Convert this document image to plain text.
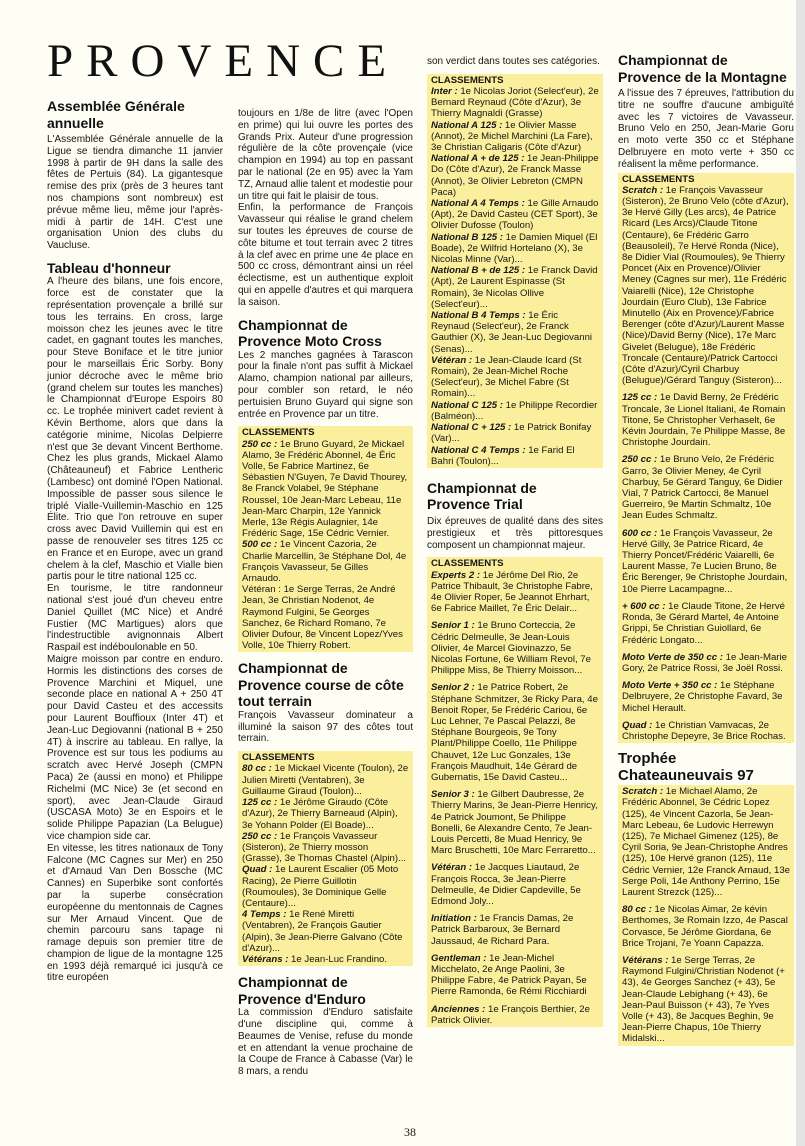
PROVENCE
Assemblée Générale annuelle
L'Assemblée Générale annuelle de la Ligue se tiendra dimanche 11 janvier 1998 à partir de 9H dans la salle des fêtes de Pertuis (84). La gigantesque remise des prix (près de 3 heures tant nos champions sont nombreux) est prévue même lieu, même jour l'après-midi à partir de 14H. C'est une organisation Union des clubs du Vaucluse.
Tableau d'honneur

A l'heure des bilans, une fois encore, force est de constater que la représentation provençale a brillé sur tous les terrains. En cross, large moisson chez les jeunes avec le titre cadet, en gagnant toutes les manches, pour Steve Boniface et le titre junior pour le marseillais Éric Sorby. Bony junior décroche avec le même brio (grand chelem sur toutes les manches) le Championnat d'Europe Espoirs 80 cc. Le trophée minivert cadet revient à Kévin Berthome, alors que dans la catégorie minime, Nicolas Delpierre n'est que 3e devant Vincent Berthome. Chez les plus grands, Mickael Alamo (Châteauneuf) et Fabrice Lentheric (Lambesc) ont dominé l'Open National. Impossible de passer sous silence le triplé Vialle-Vuillemin-Maschio en 125 Élite. Trio que l'on retrouve en super cross avec David Vuillemin qui est en passe de renouveler ses titres 125 cc en France et en Europe, avec un grand chelem à la clef, Maschio et Vialle bien partis pour le titre national 125 cc.

En tourisme, le titre randonneur national s'est joué d'un cheveu entre Daniel Quillet (MC Nice) et André Fustier (MC Martigues) alors que l'indestructible avignonnais Albert Raspail est indéboulonable en 50.

Maigre moisson par contre en enduro. Hormis les distinctions des corses de Provence Marchini et Miquel, une seconde place en national A + 250 4T pour David Casteu et des accessits pour Laurent Bouffioux (Inter 4T) et Jean-Luc Degiovanni (national B + 250 4T) à inscrire au tableau. En rallye, la Provence est sur tous les podiums au scratch avec Hervé Joseph (CMPN Paca) 2e (aussi en mono) et Philippe Richelmi (MC Nice) 3e (et second en sport), avec Jean-Claude Giraud (USCASA Moto) 3e en Espoirs et le solide Philippe Papazian (La Belugue) vice champion side car.

En vitesse, les titres nationaux de Tony Falcone (MC Cagnes sur Mer) en 250 et d'Arnaud Van Den Bossche (MC Cannes) en Superbike sont confortés par la superbe consécration européenne du mentonnais de Cagnes sur Mer Arnaud Vincent. Que de chemin parcouru sans tapage ni ramage depuis son premier titre de champion de ligue de la montagne 125 en 1993 déjà remarqué ici jusqu'à ce titre européen

toujours en 1/8e de litre (avec l'Open en prime) qui lui ouvre les portes des Grands Prix. Auteur d'une progression régulière de la côte provençale (vice champion en 1994) au top en passant par le national (2e en 95) avec la Yam TZ, Arnaud allie talent et modestie pour un titre qui fait le plaisir de tous.

Enfin, la performance de François Vavasseur qui réalise le grand chelem sur toutes les épreuves de course de côte bitume et tout terrain avec 2 titres à la clef avec en prime une 4e place en 500 cc cross, démontrant ainsi un réel éclectisme, est un authentique exploit qui en appelle d'autres et qui marquera la saison.

Championnat de Provence Moto Cross
Les 2 manches gagnées à Tarascon pour la finale n'ont pas suffit à Mickael Alamo, champion national par ailleurs, pour combler son retard, le néo pertuisien Bruno Guyard qui signe son entrée en Provence par un titre.

CLASSEMENTS

250 cc : 1e Bruno Guyard, 2e Mickael Alamo, 3e Frédéric Abonnel, 4e Éric Volle, 5e Fabrice Martinez, 6e Sébastien N'Guyen, 7e David Thourey, 8e Franck Volabel, 9e Stéphane Roussel, 10e Jean-Marc Lebeau, 11e Jean-Marc Charpin, 12e Yannick Merle, 13e Régis Aulagnier, 14e Frédéric Sage, 15e Cédric Vernier.

500 cc : 1e Vincent Cazoria, 2e Charlie Marcellin, 3e Stéphane Dol, 4e François Vavasseur, 5e Gilles Arnaudo.

Vétéran : 1e Serge Terras, 2e André Jean, 3e Christian Nodenot, 4e Raymond Fulgini, 5e Georges Sanchez, 6e Richard Romano, 7e Olivier Dufour, 8e Vincent Lopez/Yves Volle, 10e Thierry Robert.

Championnat de Provence course de côte tout terrain
François Vavasseur dominateur a illuminé la saison 97 des côtes tout terrain.

CLASSEMENTS

80 cc : 1e Mickael Vicente (Toulon), 2e Julien Miretti (Ventabren), 3e Guillaume Giraud (Toulon)...

125 cc : 1e Jérôme Giraudo (Côte d'Azur), 2e Thierry Barneaud (Alpin), 3e Yohann Polder (El Boade)...

250 cc : 1e François Vavasseur (Sisteron), 2e Thierry mosson (Grasse), 3e Thomas Chastel (Alpin)...

Quad : 1e Laurent Escalier (05 Moto Racing), 2e Pierre Guillotin (Roumoules), 3e Dominique Gelle (Centaure)...

4 Temps : 1e René Miretti (Ventabren), 2e François Gautier (Alpin), 3e Jean-Pierre Galvano (Côte d'Azur)...

Vétérans : 1e Jean-Luc Frandino.

Championnat de Provence d'Enduro
La commission d'Enduro satisfaite d'une discipline qui, comme à Beaumes de Venise, refuse du monde et en attendant la venue prochaine de la Coupe de France à Cabasse (Var) le 8 mars, a rendu
son verdict dans toutes ses catégories.

CLASSEMENTS

Inter : 1e Nicolas Joriot (Select'eur), 2e Bernard Reynaud (Côte d'Azur), 3e Thierry Magnaldi (Grasse)

National A 125 : 1e Olivier Masse (Annot), 2e Michel Marchini (La Fare), 3e Christian Caligaris (Côte d'Azur)

National A + de 125 : 1e Jean-Philippe Do (Côte d'Azur), 2e Franck Masse (Annot), 3e Olivier Lebreton (CMPN Paca)

National A 4 Temps : 1e Gille Arnaudo (Apt), 2e David Casteu (CET Sport), 3e Olivier Dufosse (Toulon)

National B 125 : 1e Damien Miquel (El Boade), 2e Wilfrid Hortelano (X), 3e Nicolas Minne (Var)...

National B + de 125 : 1e Franck David (Apt), 2e Laurent Espinasse (St Romain), 3e Nicolas Ollive (Select'eur)...

National B 4 Temps : 1e Éric Reynaud (Select'eur), 2e Franck Gauthier (X), 3e Jean-Luc Degiovanni (Senas)...

Vétéran : 1e Jean-Claude Icard (St Romain), 2e Jean-Michel Roche (Select'eur), 3e Michel Fabre (St Romain)...

National C 125 : 1e Philippe Recordier (Balméon)...

National C + 125 : 1e Patrick Bonifay (Var)...

National C 4 Temps : 1e Farid El Bahri (Toulon)...

Championnat de Provence Trial
Dix épreuves de qualité dans des sites prestigieux et très pittoresques composent un championnat majeur.

CLASSEMENTS

Experts 2 : 1e Jérôme Del Rio, 2e Patrice Thibault, 3e Christophe Fabre, 4e Olivier Roper, 5e Jeannot Ehrhart, 6e Fabrice Maillet, 7e Éric Delair...

Senior 1 : 1e Bruno Corteccia, 2e Cédric Delmeulle, 3e Jean-Louis Olivier, 4e Marcel Giovinazzo, 5e Nicolas Fortune, 6e William Revol, 7e Philippe Miss, 8e Thierry Moisson...

Senior 2 : 1e Patrice Robert, 2e Stéphane Schmitzer, 3e Ricky Para, 4e Benoit Roper, 5e Frédéric Cariou, 6e Luc Lehner, 7e Pascal Pelazzi, 8e Stéphane Bourgeois, 9e Tony Plant/Philippe Coello, 11e Philippe Chauvet, 12e Luc Gonzales, 13e François Maudhuit, 14e Gérard de Gubernatis, 15e David Casteu...

Senior 3 : 1e Gilbert Daubresse, 2e Thierry Marins, 3e Jean-Pierre Henricy, 4e Patrick Joumont, 5e Philippe Bonelli, 6e Alexandre Cento, 7e Jean-Louis Percetti, 8e Muad Henricy, 9e Marc Bruschetti, 10e Marc Ferraretto...

Vétéran : 1e Jacques Liautaud, 2e François Rocca, 3e Jean-Pierre Delmeulle, 4e Didier Capdeville, 5e Edmond Joly...

Initiation : 1e Francis Damas, 2e Patrick Barbaroux, 3e Bernard Jaussaud, 4e Richard Para.

Gentleman : 1e Jean-Michel Micchelato, 2e Ange Paolini, 3e Philippe Fabre, 4e Patrick Payan, 5e Pierre Ramonda, 6e Rémi Ricchiardi

Anciennes : 1e François Berthier, 2e Patrick Olivier.

Championnat de Provence de la Montagne
A l'issue des 7 épreuves, l'attribution du titre ne souffre d'aucune ambiguïté avec les 7 victoires de Vavasseur. Bruno Velo en 250, Jean-Marie Goru en moto verte 350 cc et Stéphane Delbruyere en moto verte + 350 cc réalisent la même performance.

CLASSEMENTS

Scratch : 1e François Vavasseur (Sisteron), 2e Bruno Velo (côte d'Azur), 3e Hervé Gilly (Les arcs), 4e Patrice Ricard (Les Arcs)/Claude Titone (Centaure), 6e Frédéric Garro (Beausoleil), 7e Hervé Ronda (Nice), 8e Didier Vial (Roumoules), 9e Thierry Poncet (Aix en Provence)/Olivier Meney (Cagnes sur mer), 11e Frédéric Vaiarelli (Nice), 12e Christophe Jourdain (Euro Club), 13e Fabrice Minutello (Aix en Provence)/Fabrice Berenger (côte d'Azur)/Laurent Masse (Nice)/David Berny (Nice), 17e Marc Givelet (Belugue), 18e Frédéric Troncale (Centaure)/Patrick Cartocci (Côte d'Azur)/Cyril Charbuy (Belugue)/Gérard Tanguy (Sisteron)...

125 cc : 1e David Berny, 2e Frédéric Troncale, 3e Lionel Italiani, 4e Romain Titone, 5e Christopher Verhaselt, 6e Kévin Jourdain, 7e Philippe Masse, 8e Christophe Jourdain.

250 cc : 1e Bruno Velo, 2e Frédéric Garro, 3e Olivier Meney, 4e Cyril Charbuy, 5e Gérard Tanguy, 6e Didier Vial, 7 Patrick Cartocci, 8e Manuel Guerreiro, 9e Martin Schmaltz, 10e Jean Eudes Schmaltz.

600 cc : 1e François Vavasseur, 2e Hervé Gilly, 3e Patrice Ricard, 4e Thierry Poncet/Frédéric Vaiarelli, 6e Laurent Masse, 7e Lucien Bruno, 8e Éric Berenger, 9e Christophe Jourdain, 10e Pierre Lacampagne...

+ 600 cc : 1e Claude Titone, 2e Hervé Ronda, 3e Gérard Martel, 4e Antoine Grippi, 5e Christian Guiollard, 6e Frédéric Longato...

Moto Verte de 350 cc : 1e Jean-Marie Gory, 2e Patrice Rossi, 3e Joël Rossi.

Moto Verte + 350 cc : 1e Stéphane Delbruyere, 2e Christophe Favard, 3e Michel Herault.

Quad : 1e Christian Vamvacas, 2e Christophe Depeyre, 3e Brice Rochas.

Trophée Chateauneuvais 97

Scratch : 1e Michael Alamo, 2e Frédéric Abonnel, 3e Cédric Lopez (125), 4e Vincent Cazorla, 5e Jean-Marc Lebeau, 6e Ludovic Herrewyn (125), 7e Michael Gimenez (125), 8e Cyril Soria, 9e Jean-Christophe Andres (125), 10e Hervé granon (125), 11e Cédric Vernier, 12e Franck Arnaud, 13e Serge Poli, 14e Anthony Perrino, 15e Laurent Strezck (125)...

80 cc : 1e Nicolas Aimar, 2e kévin Berthomes, 3e Romain Izzo, 4e Pascal Corvasce, 5e Jérôme Giordana, 6e Brice Trojani, 7e Yoann Capazza.

Vétérans : 1e Serge Terras, 2e Raymond Fulgini/Christian Nodenot (+ 43), 4e Georges Sanchez (+ 43), 5e Jean-Claude Lebighang (+ 43), 6e Jean-Paul Buisson (+ 43), 7e Yves Volle (+ 43), 8e Jacques Beghin, 9e Jean-Pierre Chapus, 10e Thierry Midalski...

38
